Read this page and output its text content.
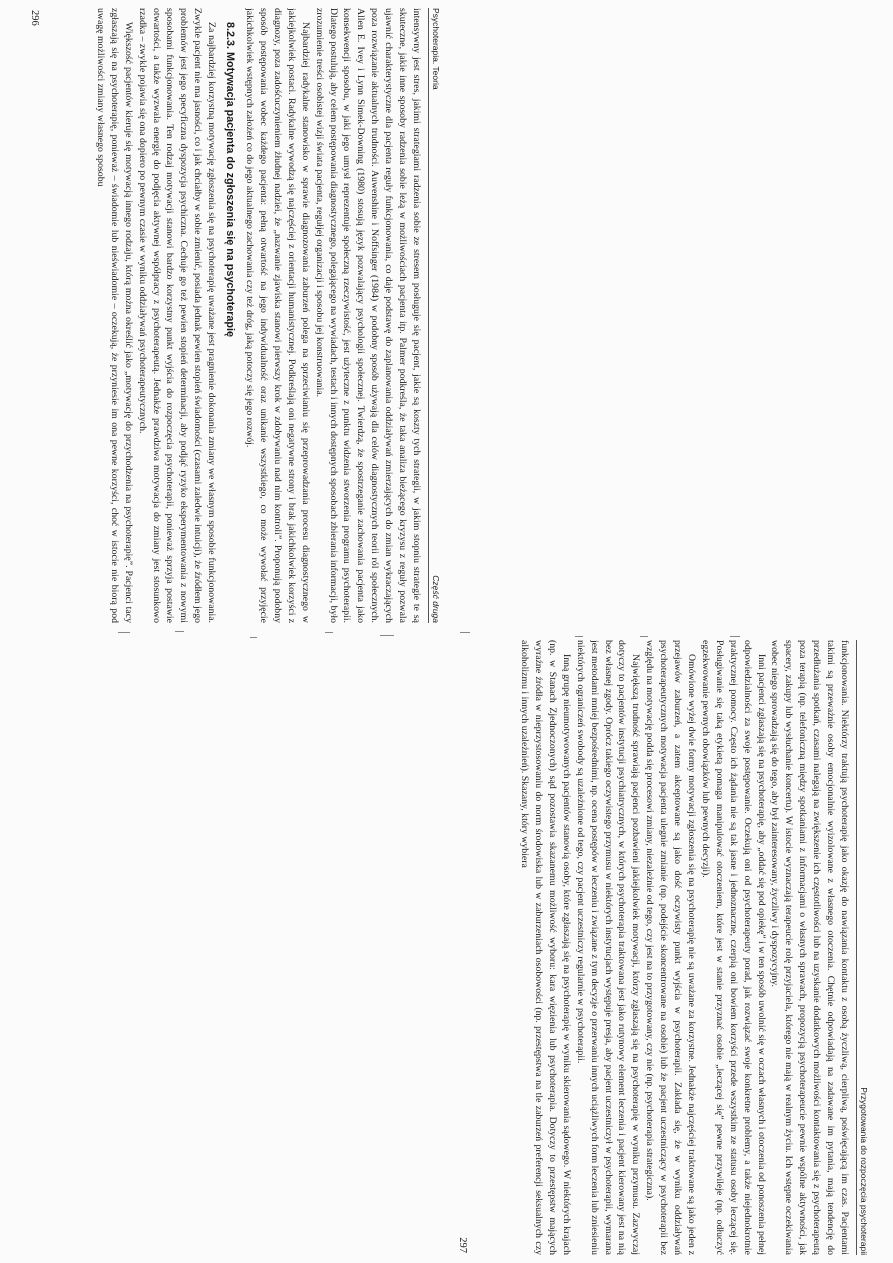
Psychoterapia. Teoria
Część druga

intensywny jest stres, jakimi strategiami radzenia sobie ze stresem posługuje się pacjent, jakie są koszty tych strategii, w jakim stopniu strategie te są skuteczne, jakie inne sposoby radzenia sobie leżą w możliwościach pacjenta itp. Palmer podkreśla, że taka analiza bieżącego kryzysu z reguły pozwala ujawnić charakterystyczne dla pacjenta reguły funkcjonowania, co daje podstawę do zaplanowania oddziaływań zmierzających do zmian wykraczających poza rozwiązanie aktualnych trudności. Auwenshine i Noffsinger (1984) w podobny sposób używają dla celów diagnostycznych teorii ról społecznych. Allen E. Ivey i Lynn Simek-Downing (1980) stosują język pozwalający psychologii społecznej. Twierdzą, że spostrzeganie zachowania pacjenta jako konsekwencji sposobu, w jaki jego umysł reprezentuje społeczną rzeczywistość, jest użyteczne z punktu widzenia stworzenia programu psychoterapii. Dlatego postulują, aby celem postępowania diagnostycznego, polegającego na wywiadach, testach i innych dostępnych sposobach zbierania informacji, było zrozumienie treści osobistej wizji świata pacjenta, regułjej organizacji i sposobu jej konstruowania.

Najbardziej radykalne stanowisko w sprawie diagnozowania zaburzeń polega na sprzeciwianiu się przeprowadzania procesu diagnostycznego w jakiejkolwiek postaci. Radykalne wywodzą się najczęściej z orientacji humanistycznej. Podkreślają oni negatywne strony i brak jakichkolwiek korzyści z diagnozy, poza zadośćuczynieniem żłudnej nadziei, że „nazwanie zjawiska stanowi pierwszy krok w zdobywaniu nad nim kontroli”. Proponują podobny sposób postępowania wobec każdego pacjenta: pełną otwartość na jego indywidualność oraz unikanie wszystkiego, co może wywołać przyjęcie jakichkolwiek wstępnych założeń co do jego aktualnego zachowania czy też dróg, jaką potoczy się jego rozwój.

8.2.3. Motywacja pacjenta do zgłoszenia się na psychoterapię

Za najbardziej korzystną motywację zgłoszenia się na psychoterapię uważane jest pragnienie dokonania zmiany we własnym sposobie funkcjonowania. Zwykle pacjent nie ma jasności, co i jak chciałby w sobie zmienić, posiada jednak pewien stopień świadomości (czasami zaledwie intuicji), że źródłem jego problemów jest jego specyficzna dyspozycja psychiczna. Cechuje go też pewien stopień determinacji, aby podjąć ryzyko eksperymentowania z nowymi sposobami funkcjonowania. Ten rodzaj motywacji stanowi bardzo korzystny punkt wyjścia do rozpoczęcia psychoterapii, ponieważ sprzyja postawie otwartości, a także wyzwala energię do podjęcia aktywnej współpracy z psychoterapeutą. Jednakże prawdziwa motywacja do zmiany jest stosunkowo rzadka – zwykle pojawia się ona dopiero po pewnym czasie w wyniku oddziaływań psychoterapeutycznych.

Większość pacjentów kieruje się motywacją innego rodzaju, którą można określić jako „motywację do przychodzenia na psychoterapię”. Pacjenci tacy zgłaszają się na psychoterapię, ponieważ – świadomie lub nieświadomie – oczekują, że przyniesie im ona pewne korzyści, choć w istocie nie biorą pod uwagę możliwości zmiany własnego sposobu

296
Przygotowania do rozpoczęcia psychoterapii

funkcjonowania. Niektórzy traktują psychoterapię jako okazję do nawiązania kontaktu z osobą życzliwą, cierpliwą, poświęcającą im czas. Pacjentami takimi są przeważnie osoby emocjonalnie wyizolowane z własnego otoczenia. Chętnie odpowiadają na zadawane im pytania, mają tendencję do przedłużania spotkań, czasami nalegają na zwiększenie ich częstotliwości lub na uzyskanie dodatkowych możliwości kontaktowania się z psychoterapeutą poza terapią (np. telefoniczną między spotkaniami z informacjami o własnych sprawach, propozycją psychoterapeucie pewnie wspólne aktywności, jak spacery, zakupy lub wysłuchanie koncertu). W istocie wyznaczają terapeucie rolę przyjaciela, którego nie mają w realnym życiu. Ich wstępne oczekiwania wobec niego sprowadzają się do tego, aby był zainteresowany, życzliwy i dyspozycyjny.

Inni pacjenci zgłaszają się na psychoterapię, aby „oddać się pod opiekę” i w ten sposób uwolnić się w oczach własnych i otoczenia od ponoszenia pełnej odpowiedzialności za swoje postępowanie. Oczekują oni od psychoterapeuty porad, jak rozwiązać swoje konkretne problemy, a także niejednokrotnie praktycznej pomocy. Często ich żądania nie są tak jasne i jednoznaczne, czerpią oni bowiem korzyści przede wszystkim ze statusu osoby leczącej się. Posługiwanie się taką etykietą pomaga manipulować otoczeniem, które jest w stanie przyznać osobie „leczącej się” pewne przywileje (np. odłuczyć egzekwowanie pewnych obowiązków lub pewnych decyzji).

Omówione wyżej dwie formy motywacji zgłoszenia się na psychoterapię nie są uważane za korzystne. Jednakże najczęściej traktowane są jako jeden z przejawów zaburzeń, a zatem akceptowane są jako dość oczywisty punkt wyjścia w psychoterapii. Zakłada się, że w wyniku oddziaływań psychoterapeutycznych motywacja pacjenta ulegnie zmianie (np. podejście skoncentrowane na osobie) lub że pacjent uczestniczący w psychoterapii bez względu na motywację podda się procesowi zmiany, niezależnie od tego, czy jest na to przygotowany, czy nie (np. psychoterapia strategiczna).

Największą trudność sprawiają pacjenci pozbawieni jakiejkolwiek motywacji, którzy zgłaszają się na psychoterapię w wyniku przymusu. Zazwyczaj dotyczy to pacjentów instytucji psychiatrycznych, w których psychoterapia traktowana jest jako rutynowy element leczenia i pacjent kierowany jest na nią bez własnej zgody. Oprócz takiego oczywistego przymusu w niektórych instytucjach występuje presja, aby pacjent uczestniczył w psychoterapii, wymarana jest metodami mniej bezpośrednimi, np. ocena postępów w leczeniu i związane z tym decyzje o przerwaniu innych uciążliwych form leczenia lub zniesieniu niektórych ograniczeń swobody są uzależnione od tego, czy pacjent uczestniczy regularnie w psychoterapii.

Inną grupę nieumotywowanych pacjentów stanowią osoby, które zgłaszają się na psychoterapię w wyniku skierowania sądowego. W niektórych krajach (np. w Stanach Zjednoczonych) sąd pozostawia skazanemu możliwość wyboru: kara więzienia lub psychoterapia. Dotyczy to przestępstw mających wyraźne źródła w nieprzystosowaniu do norm środowiska lub w zaburzeniach osobowości (np. przestępstwa na tle zaburzeń preferencji seksualnych czy alkoholizmu i innych uzależnień). Skazany, który wybiera

297
